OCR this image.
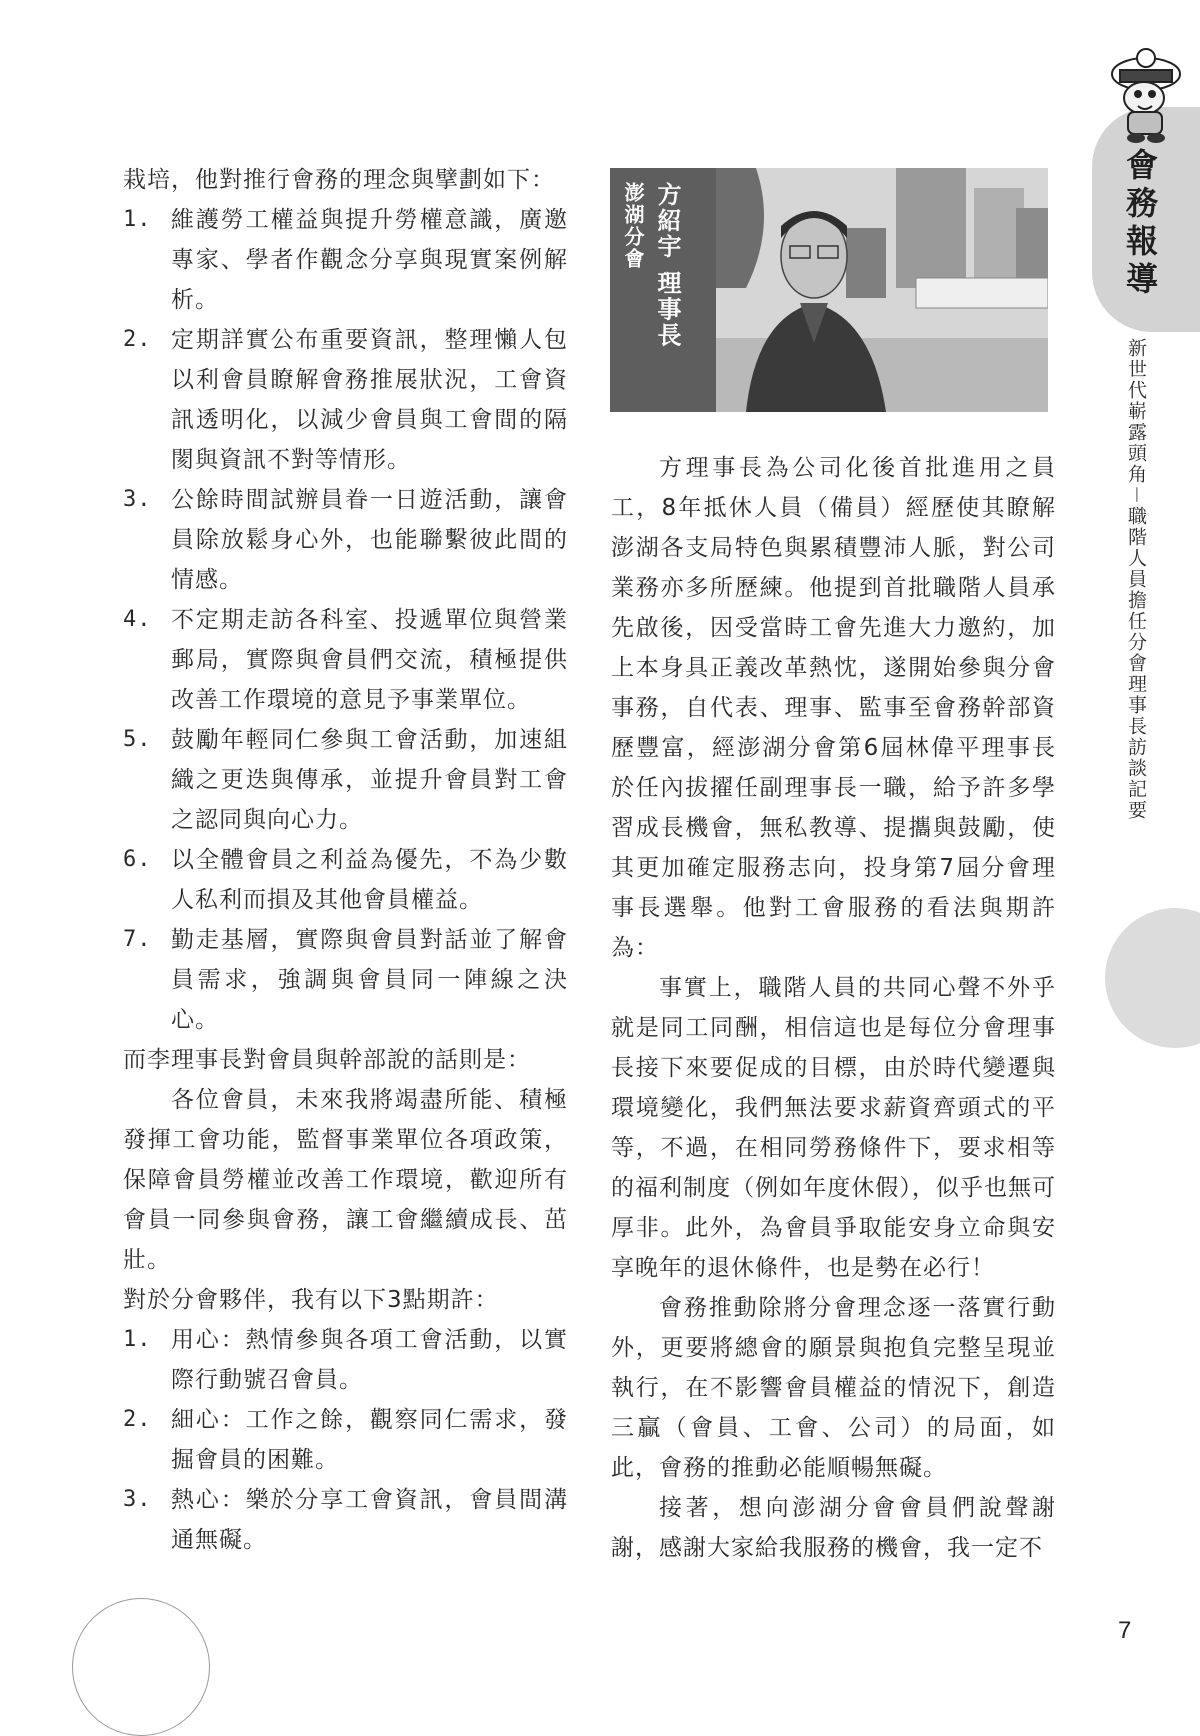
會務報導
新世代嶄露頭角－職階人員擔任分會理事長訪談記要

栽培，他對推行會務的理念與擘劃如下：

1. 維護勞工權益與提升勞權意識，廣邀專家、學者作觀念分享與現實案例解析。
2. 定期詳實公布重要資訊，整理懶人包以利會員瞭解會務推展狀況，工會資訊透明化，以減少會員與工會間的隔閡與資訊不對等情形。
3. 公餘時間試辦員眷一日遊活動，讓會員除放鬆身心外，也能聯繫彼此間的情感。
4. 不定期走訪各科室、投遞單位與營業郵局，實際與會員們交流，積極提供改善工作環境的意見予事業單位。
5. 鼓勵年輕同仁參與工會活動，加速組織之更迭與傳承，並提升會員對工會之認同與向心力。
6. 以全體會員之利益為優先，不為少數人私利而損及其他會員權益。
7. 勤走基層，實際與會員對話並了解會員需求，強調與會員同一陣線之決心。

而李理事長對會員與幹部說的話則是：

各位會員，未來我將竭盡所能、積極發揮工會功能，監督事業單位各項政策，保障會員勞權並改善工作環境，歡迎所有會員一同參與會務，讓工會繼續成長、茁壯。

對於分會夥伴，我有以下3點期許：

1. 用心：熱情參與各項工會活動，以實際行動號召會員。
2. 細心：工作之餘，觀察同仁需求，發掘會員的困難。
3. 熱心：樂於分享工會資訊，會員間溝通無礙。
方紹宇 理事長
澎湖分會

方理事長為公司化後首批進用之員工，8年抵休人員（備員）經歷使其瞭解澎湖各支局特色與累積豐沛人脈，對公司業務亦多所歷練。他提到首批職階人員承先啟後，因受當時工會先進大力邀約，加上本身具正義改革熱忱，遂開始參與分會事務，自代表、理事、監事至會務幹部資歷豐富，經澎湖分會第6屆林偉平理事長於任內拔擢任副理事長一職，給予許多學習成長機會，無私教導、提攜與鼓勵，使其更加確定服務志向，投身第7屆分會理事長選舉。他對工會服務的看法與期許為：

事實上，職階人員的共同心聲不外乎就是同工同酬，相信這也是每位分會理事長接下來要促成的目標，由於時代變遷與環境變化，我們無法要求薪資齊頭式的平等，不過，在相同勞務條件下，要求相等的福利制度（例如年度休假），似乎也無可厚非。此外，為會員爭取能安身立命與安享晚年的退休條件，也是勢在必行！

會務推動除將分會理念逐一落實行動外，更要將總會的願景與抱負完整呈現並執行，在不影響會員權益的情況下，創造三贏（會員、工會、公司）的局面，如此，會務的推動必能順暢無礙。

接著，想向澎湖分會會員們說聲謝謝，感謝大家給我服務的機會，我一定不

7
